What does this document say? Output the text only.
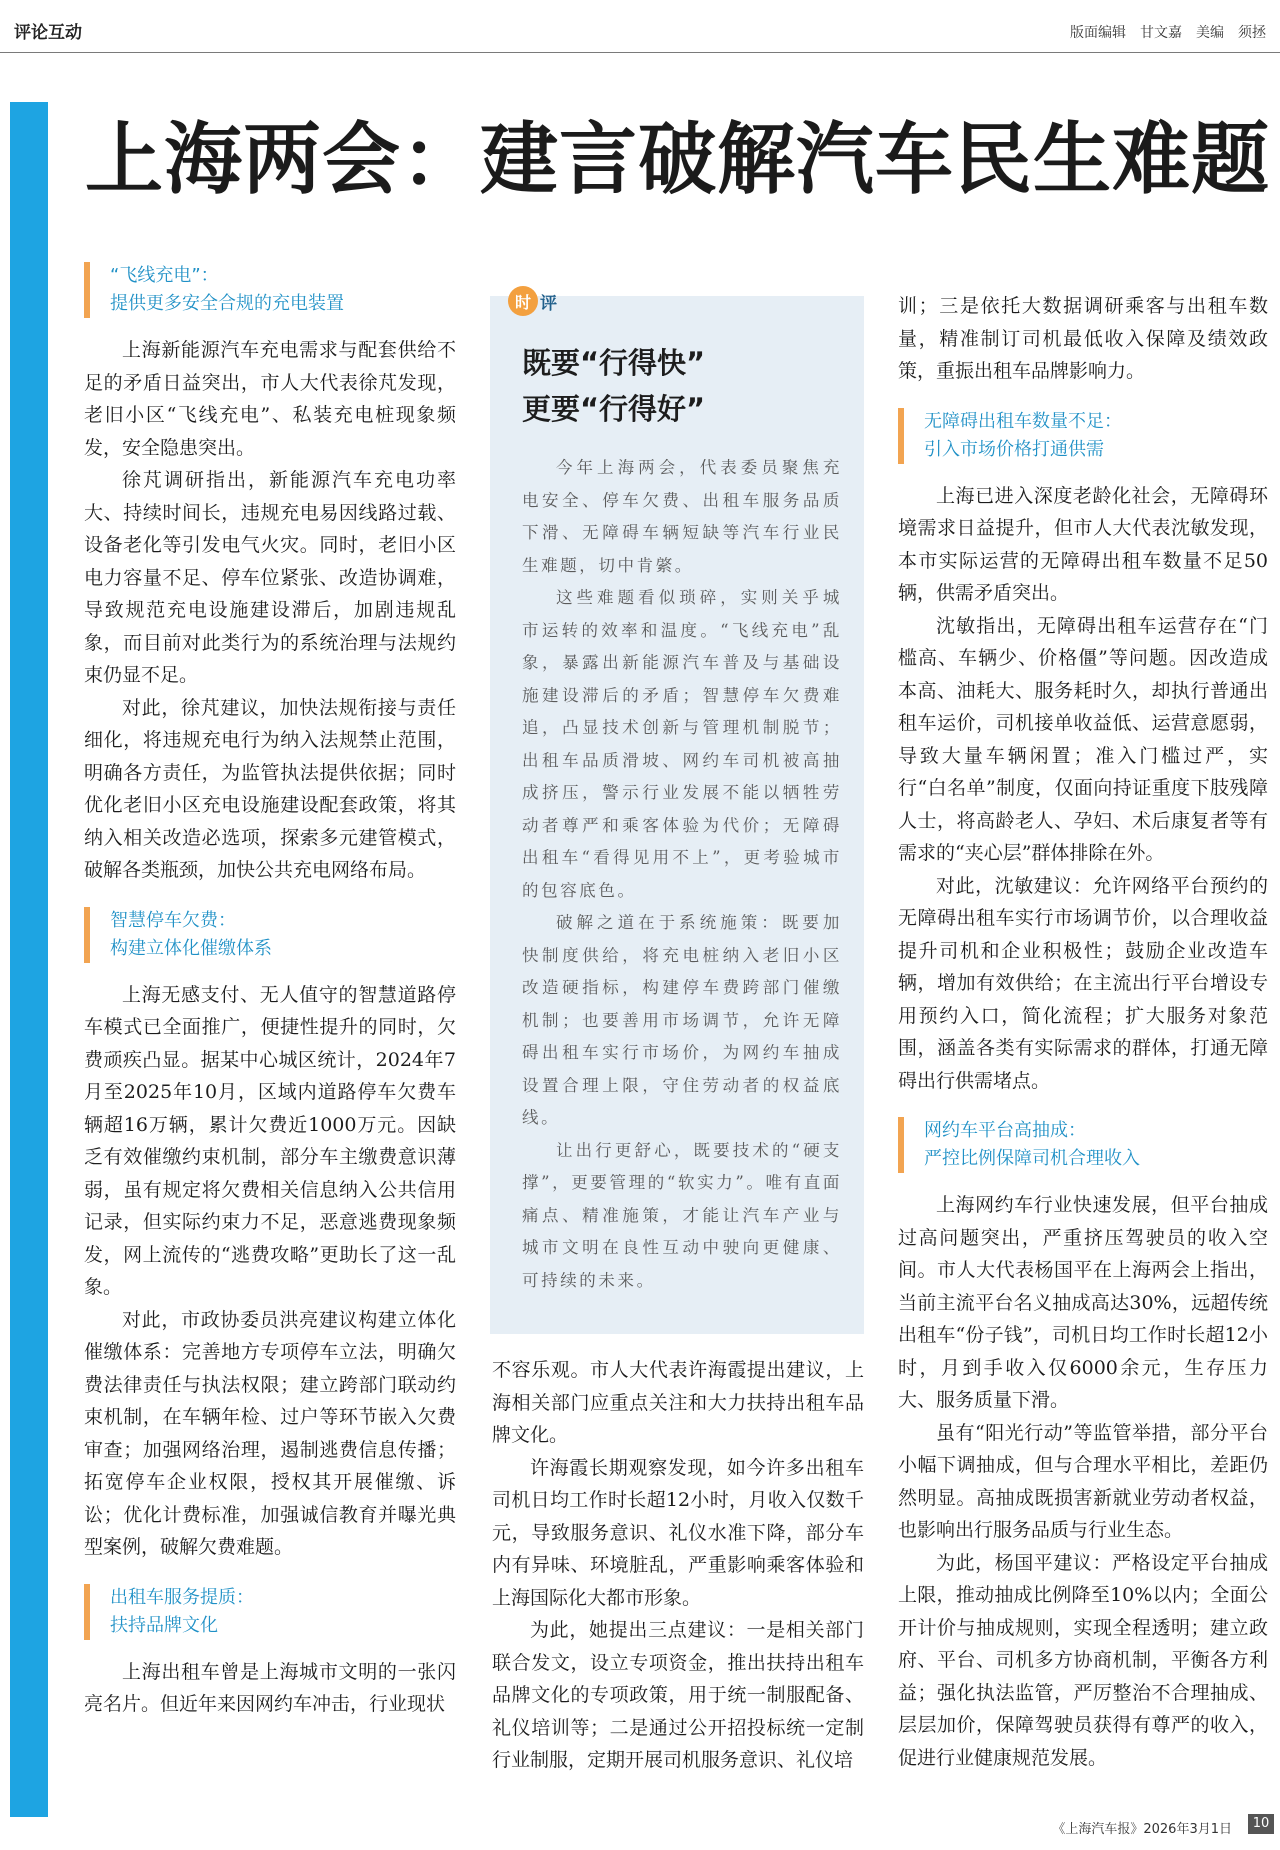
评论互动	版面编辑 甘文嘉 美编 须拯
上海两会：建言破解汽车民生难题
“飞线充电”：
提供更多安全合规的充电装置

上海新能源汽车充电需求与配套供给不足的矛盾日益突出，市人大代表徐芃发现，老旧小区“飞线充电”、私装充电桩现象频发，安全隐患突出。

徐芃调研指出，新能源汽车充电功率大、持续时间长，违规充电易因线路过载、设备老化等引发电气火灾。同时，老旧小区电力容量不足、停车位紧张、改造协调难，导致规范充电设施建设滞后，加剧违规乱象，而目前对此类行为的系统治理与法规约束仍显不足。

对此，徐芃建议，加快法规衔接与责任细化，将违规充电行为纳入法规禁止范围，明确各方责任，为监管执法提供依据；同时优化老旧小区充电设施建设配套政策，将其纳入相关改造必选项，探索多元建管模式，破解各类瓶颈，加快公共充电网络布局。

智慧停车欠费：
构建立体化催缴体系

上海无感支付、无人值守的智慧道路停车模式已全面推广，便捷性提升的同时，欠费顽疾凸显。据某中心城区统计，2024年7月至2025年10月，区域内道路停车欠费车辆超16万辆，累计欠费近1000万元。因缺乏有效催缴约束机制，部分车主缴费意识薄弱，虽有规定将欠费相关信息纳入公共信用记录，但实际约束力不足，恶意逃费现象频发，网上流传的“逃费攻略”更助长了这一乱象。

对此，市政协委员洪亮建议构建立体化催缴体系：完善地方专项停车立法，明确欠费法律责任与执法权限；建立跨部门联动约束机制，在车辆年检、过户等环节嵌入欠费审查；加强网络治理，遏制逃费信息传播；拓宽停车企业权限，授权其开展催缴、诉讼；优化计费标准，加强诚信教育并曝光典型案例，破解欠费难题。

出租车服务提质：
扶持品牌文化

上海出租车曾是上海城市文明的一张闪亮名片。但近年来因网约车冲击，行业现状

时 评
既要“行得快”
更要“行得好”

今年上海两会，代表委员聚焦充电安全、停车欠费、出租车服务品质下滑、无障碍车辆短缺等汽车行业民生难题，切中肯綮。

这些难题看似琐碎，实则关乎城市运转的效率和温度。“飞线充电”乱象，暴露出新能源汽车普及与基础设施建设滞后的矛盾；智慧停车欠费难追，凸显技术创新与管理机制脱节；出租车品质滑坡、网约车司机被高抽成挤压，警示行业发展不能以牺牲劳动者尊严和乘客体验为代价；无障碍出租车“看得见用不上”，更考验城市的包容底色。

破解之道在于系统施策：既要加快制度供给，将充电桩纳入老旧小区改造硬指标，构建停车费跨部门催缴机制；也要善用市场调节，允许无障碍出租车实行市场价，为网约车抽成设置合理上限，守住劳动者的权益底线。

让出行更舒心，既要技术的“硬支撑”，更要管理的“软实力”。唯有直面痛点、精准施策，才能让汽车产业与城市文明在良性互动中驶向更健康、可持续的未来。

不容乐观。市人大代表许海霞提出建议，上海相关部门应重点关注和大力扶持出租车品牌文化。

许海霞长期观察发现，如今许多出租车司机日均工作时长超12小时，月收入仅数千元，导致服务意识、礼仪水准下降，部分车内有异味、环境脏乱，严重影响乘客体验和上海国际化大都市形象。

为此，她提出三点建议：一是相关部门联合发文，设立专项资金，推出扶持出租车品牌文化的专项政策，用于统一制服配备、礼仪培训等；二是通过公开招投标统一定制行业制服，定期开展司机服务意识、礼仪培

训；三是依托大数据调研乘客与出租车数量，精准制订司机最低收入保障及绩效政策，重振出租车品牌影响力。

无障碍出租车数量不足：
引入市场价格打通供需

上海已进入深度老龄化社会，无障碍环境需求日益提升，但市人大代表沈敏发现，本市实际运营的无障碍出租车数量不足50辆，供需矛盾突出。

沈敏指出，无障碍出租车运营存在“门槛高、车辆少、价格僵”等问题。因改造成本高、油耗大、服务耗时久，却执行普通出租车运价，司机接单收益低、运营意愿弱，导致大量车辆闲置；准入门槛过严，实行“白名单”制度，仅面向持证重度下肢残障人士，将高龄老人、孕妇、术后康复者等有需求的“夹心层”群体排除在外。

对此，沈敏建议：允许网络平台预约的无障碍出租车实行市场调节价，以合理收益提升司机和企业积极性；鼓励企业改造车辆，增加有效供给；在主流出行平台增设专用预约入口，简化流程；扩大服务对象范围，涵盖各类有实际需求的群体，打通无障碍出行供需堵点。

网约车平台高抽成：
严控比例保障司机合理收入

上海网约车行业快速发展，但平台抽成过高问题突出，严重挤压驾驶员的收入空间。市人大代表杨国平在上海两会上指出，当前主流平台名义抽成高达30%，远超传统出租车“份子钱”，司机日均工作时长超12小时，月到手收入仅6000余元，生存压力大、服务质量下滑。

虽有“阳光行动”等监管举措，部分平台小幅下调抽成，但与合理水平相比，差距仍然明显。高抽成既损害新就业劳动者权益，也影响出行服务品质与行业生态。

为此，杨国平建议：严格设定平台抽成上限，推动抽成比例降至10%以内；全面公开计价与抽成规则，实现全程透明；建立政府、平台、司机多方协商机制，平衡各方利益；强化执法监管，严厉整治不合理抽成、层层加价，保障驾驶员获得有尊严的收入，促进行业健康规范发展。

《上海汽车报》2026年3月1日	10
